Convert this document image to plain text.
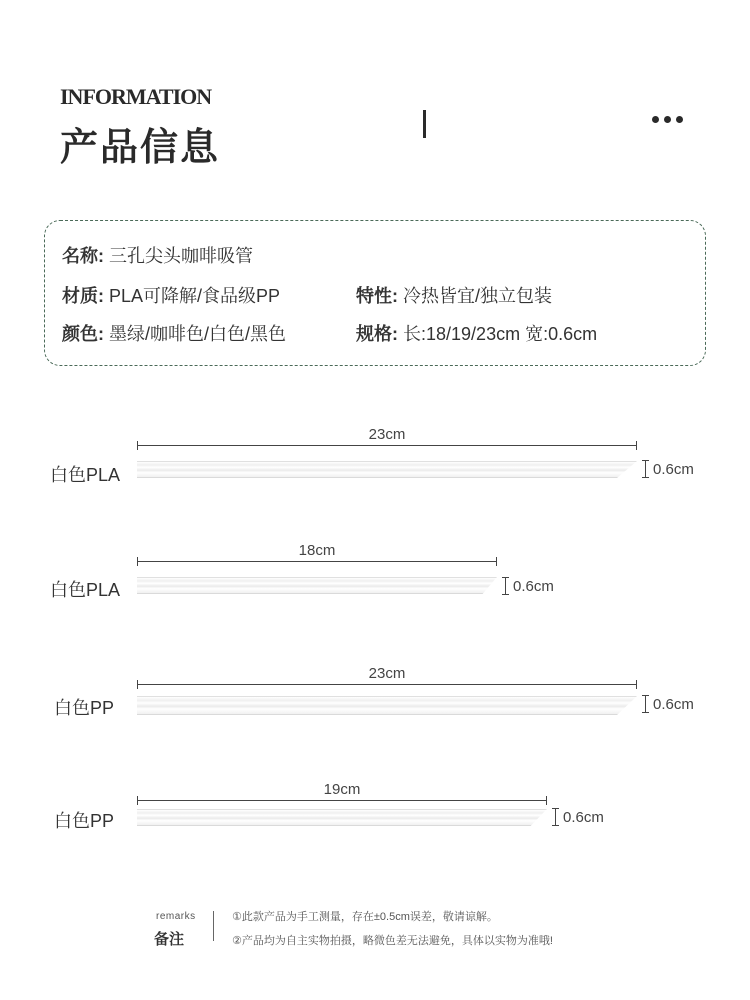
INFORMATION
产品信息
名称: 三孔尖头咖啡吸管
材质: PLA可降解/食品级PP	特性: 冷热皆宜/独立包装
颜色: 墨绿/咖啡色/白色/黑色	规格: 长:18/19/23cm 宽:0.6cm
白色PLA
23cm
0.6cm
白色PLA
18cm
0.6cm
白色PP
23cm
0.6cm
白色PP
19cm
0.6cm
remarks
备注
①此款产品为手工测量，存在±0.5cm误差，敬请谅解。
②产品均为自主实物拍摄，略微色差无法避免，具体以实物为准哦!
